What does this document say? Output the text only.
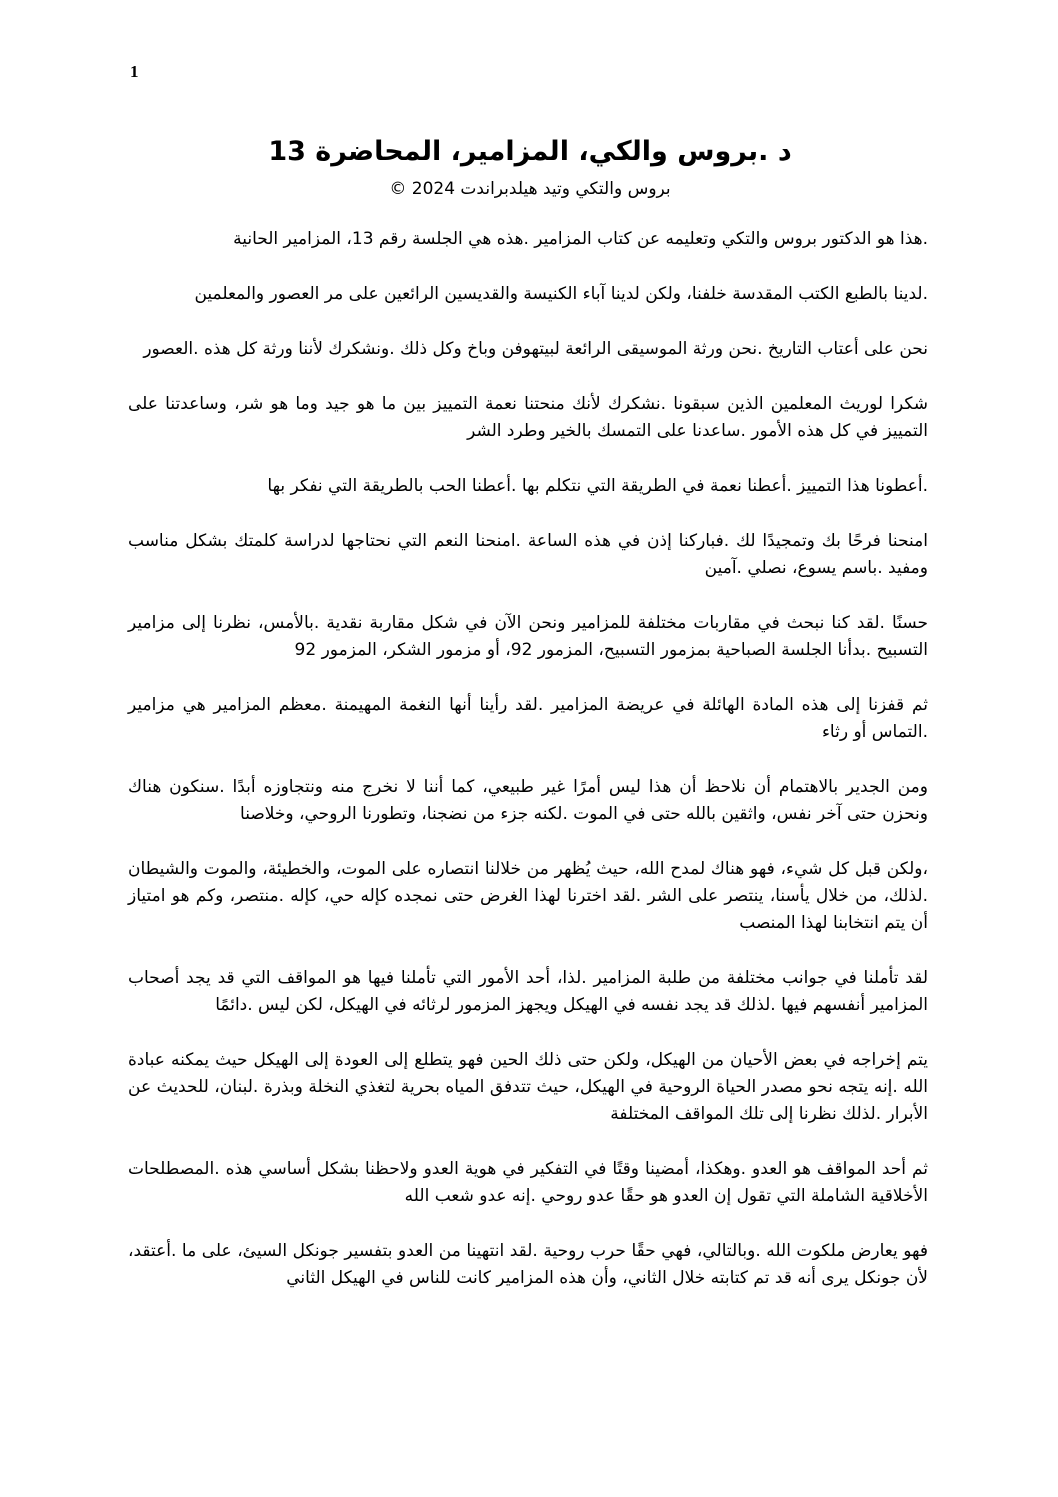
1
د .بروس والكي، المزامير، المحاضرة 13
بروس والتكي وتيد هيلدبراندت 2024 ©

.هذا هو الدكتور بروس والتكي وتعليمه عن كتاب المزامير .هذه هي الجلسة رقم 13، المزامير الحانية

.لدينا بالطبع الكتب المقدسة خلفنا، ولكن لدينا آباء الكنيسة والقديسين الرائعين على مر العصور والمعلمين

نحن على أعتاب التاريخ .نحن ورثة الموسيقى الرائعة لبيتهوفن وباخ وكل ذلك .ونشكرك لأننا ورثة كل هذه .العصور

شكرا لوريث المعلمين الذين سبقونا .نشكرك لأنك منحتنا نعمة التمييز بين ما هو جيد وما هو شر، وساعدتنا على التمييز في كل هذه الأمور .ساعدنا على التمسك بالخير وطرد الشر

.أعطونا هذا التمييز .أعطنا نعمة في الطريقة التي نتكلم بها .أعطنا الحب بالطريقة التي نفكر بها

امنحنا فرحًا بك وتمجيدًا لك .فباركنا إذن في هذه الساعة .امنحنا النعم التي نحتاجها لدراسة كلمتك بشكل مناسب ومفيد .باسم يسوع، نصلي .آمين

حسنًا .لقد كنا نبحث في مقاربات مختلفة للمزامير ونحن الآن في شكل مقاربة نقدية .بالأمس، نظرنا إلى مزامير التسبيح .بدأنا الجلسة الصباحية بمزمور التسبيح، المزمور 92، أو مزمور الشكر، المزمور 92

ثم قفزنا إلى هذه المادة الهائلة في عريضة المزامير .لقد رأينا أنها النغمة المهيمنة .معظم المزامير هي مزامير .التماس أو رثاء

ومن الجدير بالاهتمام أن نلاحظ أن هذا ليس أمرًا غير طبيعي، كما أننا لا نخرج منه ونتجاوزه أبدًا .سنكون هناك ونحزن حتى آخر نفس، واثقين بالله حتى في الموت .لكنه جزء من نضجنا، وتطورنا الروحي، وخلاصنا

،ولكن قبل كل شيء، فهو هناك لمدح الله، حيث يُظهر من خلالنا انتصاره على الموت، والخطيئة، والموت والشيطان .لذلك، من خلال يأسنا، ينتصر على الشر .لقد اخترنا لهذا الغرض حتى نمجده كإله حي، كإله .منتصر، وكم هو امتياز أن يتم انتخابنا لهذا المنصب

لقد تأملنا في جوانب مختلفة من طلبة المزامير .لذا، أحد الأمور التي تأملنا فيها هو المواقف التي قد يجد أصحاب المزامير أنفسهم فيها .لذلك قد يجد نفسه في الهيكل ويجهز المزمور لرثائه في الهيكل، لكن ليس .دائمًا

يتم إخراجه في بعض الأحيان من الهيكل، ولكن حتى ذلك الحين فهو يتطلع إلى العودة إلى الهيكل حيث يمكنه عبادة الله .إنه يتجه نحو مصدر الحياة الروحية في الهيكل، حيث تتدفق المياه بحرية لتغذي النخلة وبذرة .لبنان، للحديث عن الأبرار .لذلك نظرنا إلى تلك المواقف المختلفة

ثم أحد المواقف هو العدو .وهكذا، أمضينا وقتًا في التفكير في هوية العدو ولاحظنا بشكل أساسي هذه .المصطلحات الأخلاقية الشاملة التي تقول إن العدو هو حقًا عدو روحي .إنه عدو شعب الله

فهو يعارض ملكوت الله .وبالتالي، فهي حقًا حرب روحية .لقد انتهينا من العدو بتفسير جونكل السيئ، على ما .أعتقد، لأن جونكل يرى أنه قد تم كتابته خلال الثاني، وأن هذه المزامير كانت للناس في الهيكل الثاني
